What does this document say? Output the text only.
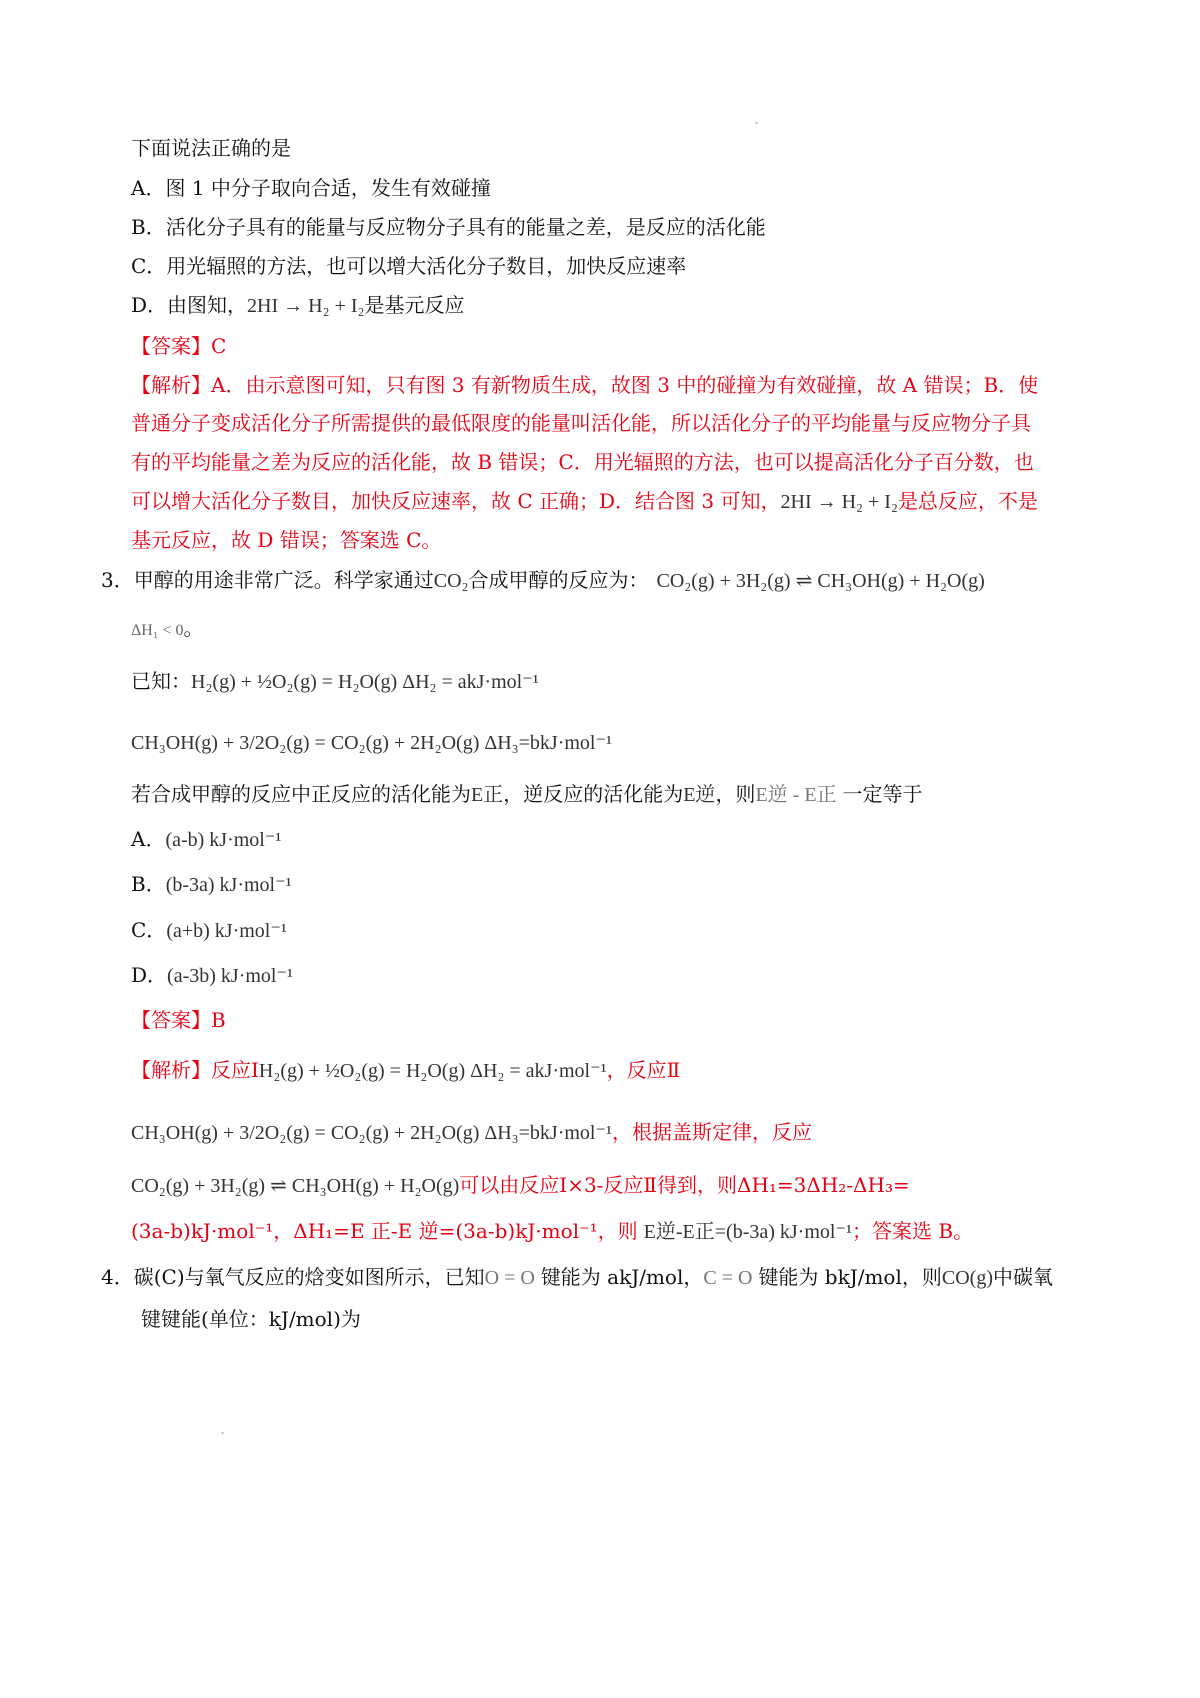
下面说法正确的是
A．图 1 中分子取向合适，发生有效碰撞
B．活化分子具有的能量与反应物分子具有的能量之差，是反应的活化能
C．用光辐照的方法，也可以增大活化分子数目，加快反应速率
D．由图知，2HI → H₂ + I₂是基元反应
【答案】C
【解析】A．由示意图可知，只有图 3 有新物质生成，故图 3 中的碰撞为有效碰撞，故 A 错误；B．使
普通分子变成活化分子所需提供的最低限度的能量叫活化能，所以活化分子的平均能量与反应物分子具
有的平均能量之差为反应的活化能，故 B 错误；C．用光辐照的方法，也可以提高活化分子百分数，也
可以增大活化分子数目，加快反应速率，故 C 正确；D．结合图 3 可知，2HI → H₂ + I₂是总反应，不是
基元反应，故 D 错误；答案选 C。
3．甲醇的用途非常广泛。科学家通过CO₂合成甲醇的反应为： CO₂(g) + 3H₂(g) ⇌ CH₃OH(g) + H₂O(g)
ΔH₁ < 0。
已知：H₂(g) + ½O₂(g) = H₂O(g) ΔH₂ = akJ·mol⁻¹
CH₃OH(g) + 3/2O₂(g) = CO₂(g) + 2H₂O(g) ΔH₃=bkJ·mol⁻¹
若合成甲醇的反应中正反应的活化能为E正，逆反应的活化能为E逆，则E逆 - E正 一定等于
A．(a-b) kJ·mol⁻¹
B．(b-3a) kJ·mol⁻¹
C．(a+b) kJ·mol⁻¹
D．(a-3b) kJ·mol⁻¹
【答案】B
【解析】反应ⅠH₂(g) + ½O₂(g) = H₂O(g) ΔH₂ = akJ·mol⁻¹，反应Ⅱ
CH₃OH(g) + 3/2O₂(g) = CO₂(g) + 2H₂O(g) ΔH₃=bkJ·mol⁻¹，根据盖斯定律，反应
CO₂(g) + 3H₂(g) ⇌ CH₃OH(g) + H₂O(g)可以由反应Ⅰ×3-反应Ⅱ得到，则ΔH₁=3ΔH₂-ΔH₃=
(3a-b)kJ·mol⁻¹，ΔH₁=E 正-E 逆=(3a-b)kJ·mol⁻¹，则 E逆-E正=(b-3a) kJ·mol⁻¹；答案选 B。
4．碳(C)与氧气反应的焓变如图所示，已知O = O 键能为 akJ/mol，C = O 键能为 bkJ/mol，则CO(g)中碳氧
键键能(单位：kJ/mol)为
